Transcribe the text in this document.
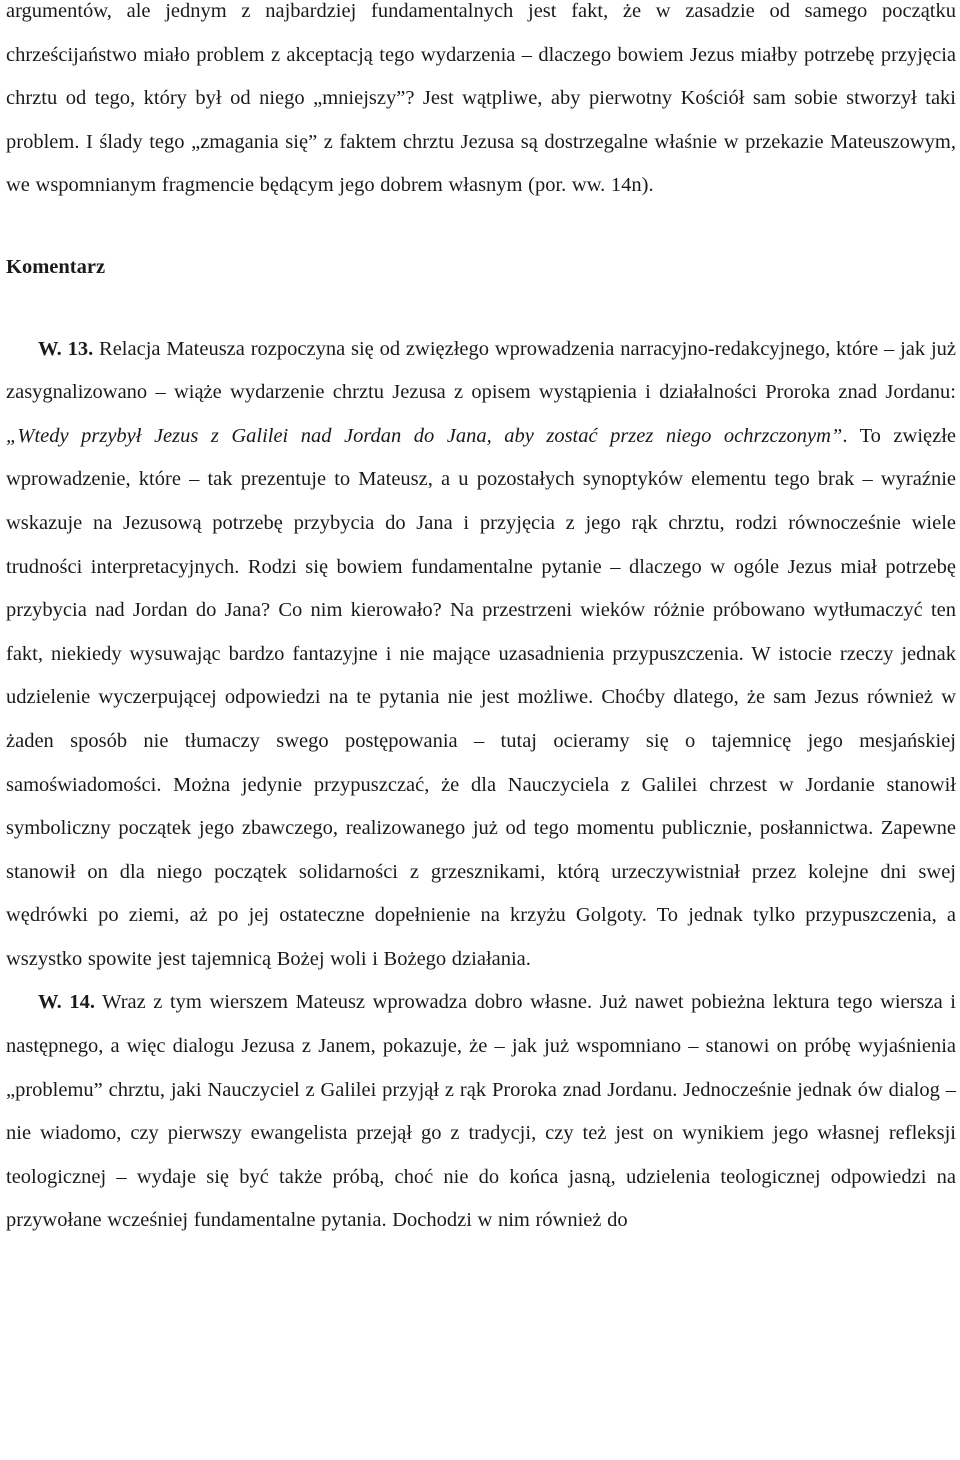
argumentów, ale jednym z najbardziej fundamentalnych jest fakt, że w zasadzie od samego początku chrześcijaństwo miało problem z akceptacją tego wydarzenia – dlaczego bowiem Jezus miałby potrzebę przyjęcia chrztu od tego, który był od niego „mniejszy”? Jest wątpliwe, aby pierwotny Kościół sam sobie stworzył taki problem. I ślady tego „zmagania się” z faktem chrztu Jezusa są dostrzegalne właśnie w przekazie Mateuszowym, we wspomnianym fragmencie będącym jego dobrem własnym (por. ww. 14n).

Komentarz

W. 13. Relacja Mateusza rozpoczyna się od zwięzłego wprowadzenia narracyjno-redakcyjnego, które – jak już zasygnalizowano – wiąże wydarzenie chrztu Jezusa z opisem wystąpienia i działalności Proroka znad Jordanu: „Wtedy przybył Jezus z Galilei nad Jordan do Jana, aby zostać przez niego ochrzczonym”. To zwięzłe wprowadzenie, które – tak prezentuje to Mateusz, a u pozostałych synoptyków elementu tego brak – wyraźnie wskazuje na Jezusową potrzebę przybycia do Jana i przyjęcia z jego rąk chrztu, rodzi równocześnie wiele trudności interpretacyjnych. Rodzi się bowiem fundamentalne pytanie – dlaczego w ogóle Jezus miał potrzebę przybycia nad Jordan do Jana? Co nim kierowało? Na przestrzeni wieków różnie próbowano wytłumaczyć ten fakt, niekiedy wysuwając bardzo fantazyjne i nie mające uzasadnienia przypuszczenia. W istocie rzeczy jednak udzielenie wyczerpującej odpowiedzi na te pytania nie jest możliwe. Choćby dlatego, że sam Jezus również w żaden sposób nie tłumaczy swego postępowania – tutaj ocieramy się o tajemnicę jego mesjańskiej samoświadomości. Można jedynie przypuszczać, że dla Nauczyciela z Galilei chrzest w Jordanie stanowił symboliczny początek jego zbawczego, realizowanego już od tego momentu publicznie, posłannictwa. Zapewne stanowił on dla niego początek solidarności z grzesznikami, którą urzeczywistniał przez kolejne dni swej wędrówki po ziemi, aż po jej ostateczne dopełnienie na krzyżu Golgoty. To jednak tylko przypuszczenia, a wszystko spowite jest tajemnicą Bożej woli i Bożego działania.

W. 14. Wraz z tym wierszem Mateusz wprowadza dobro własne. Już nawet pobieżna lektura tego wiersza i następnego, a więc dialogu Jezusa z Janem, pokazuje, że – jak już wspomniano – stanowi on próbę wyjaśnienia „problemu” chrztu, jaki Nauczyciel z Galilei przyjął z rąk Proroka znad Jordanu. Jednocześnie jednak ów dialog – nie wiadomo, czy pierwszy ewangelista przejął go z tradycji, czy też jest on wynikiem jego własnej refleksji teologicznej – wydaje się być także próbą, choć nie do końca jasną, udzielenia teologicznej odpowiedzi na przywołane wcześniej fundamentalne pytania. Dochodzi w nim również do
